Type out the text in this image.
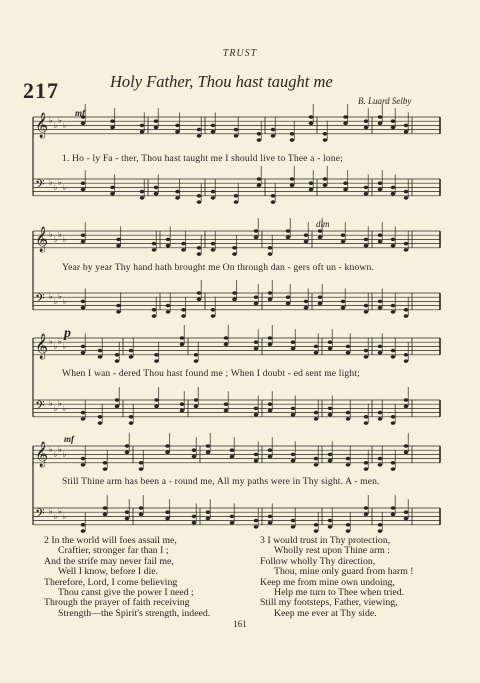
TRUST
217	Holy Father, Thou hast taught me
B. Luard Selby
𝄞 ♭
♭
♭
♭
𝄢 ♭
♭
♭
♭
𝄞 ♭
♭
♭
♭
𝄢 ♭
♭
♭
♭
𝄞 ♭
♭
♭
♭
𝄢 ♭
♭
♭
♭
𝄞 ♭
♭
♭
♭
𝄢 ♭
♭
♭
♭
mf
dim
p
mf
1. Ho - ly Fa - ther, Thou hast taught me I should live to Thee a - lone;
Year by year Thy hand hath brought me On through dan - gers oft un - known.
When I wan - dered Thou hast found me ; When I doubt - ed sent me light;
Still Thine arm has been a - round me, All my paths were in Thy sight. A - men.
2 In the world will foes assail me,
Craftier, stronger far than I ;
And the strife may never fail me,
Well I know, before I die.
Therefore, Lord, I come believing
Thou canst give the power I need ;
Through the prayer of faith receiving
Strength—the Spirit's strength, indeed.
3 I would trust in Thy protection,
Wholly rest upon Thine arm :
Follow wholly Thy direction,
Thou, mine only guard from harm !
Keep me from mine own undoing,
Help me turn to Thee when tried.
Still my footsteps, Father, viewing,
Keep me ever at Thy side.
161
